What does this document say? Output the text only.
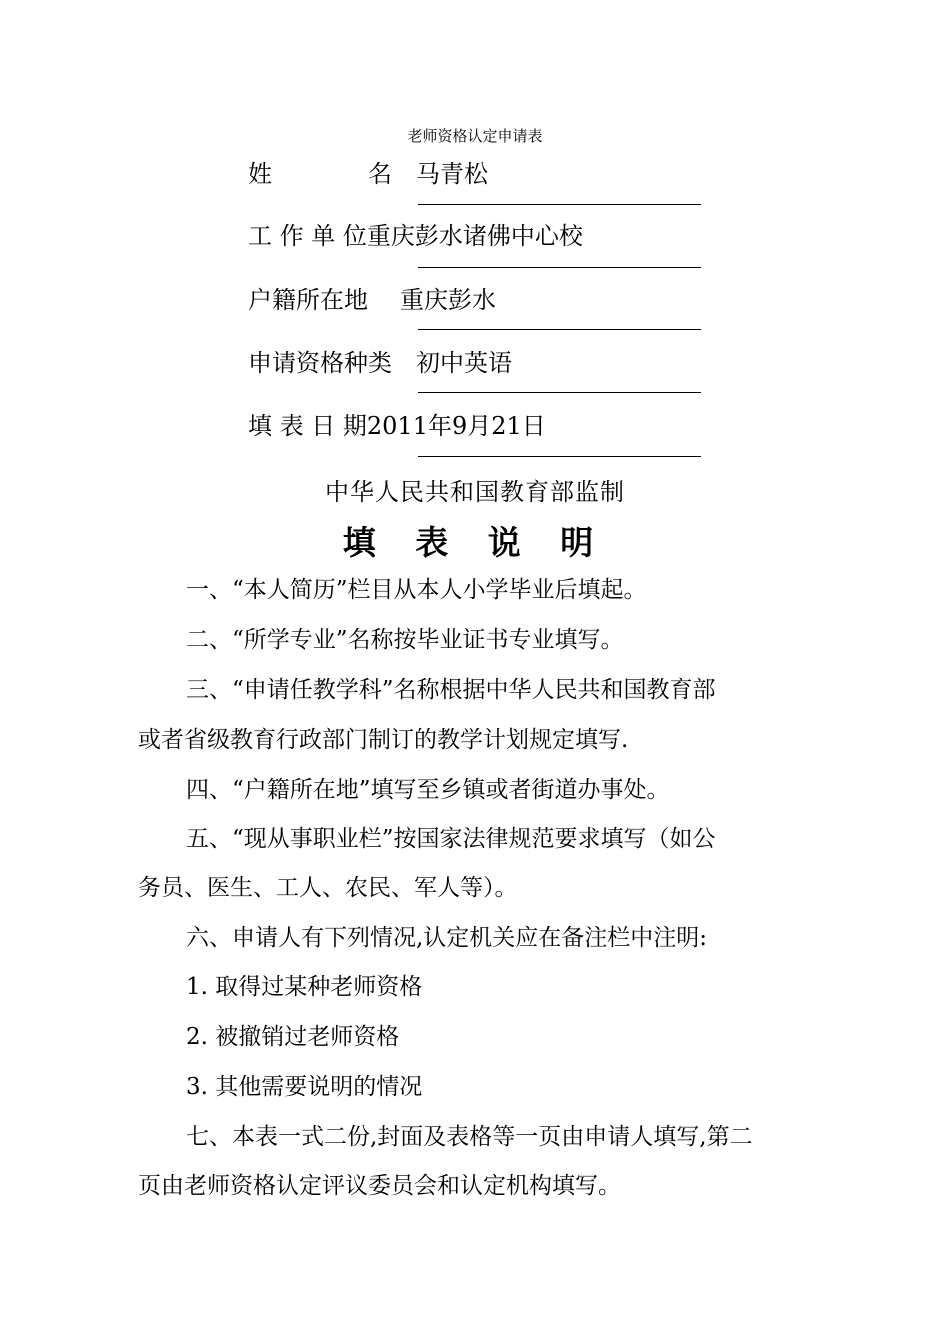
老师资格认定申请表
姓　　　名 马青松
工 作 单 位重庆彭水诸佛中心校
户籍所在地 重庆彭水
申请资格种类 初中英语
填 表 日 期2011年9月21日
中华人民共和国教育部监制
填 表 说 明
一、“本人简历”栏目从本人小学毕业后填起。
二、“所学专业”名称按毕业证书专业填写。
三、“申请任教学科”名称根据中华人民共和国教育部
或者省级教育行政部门制订的教学计划规定填写.
四、“户籍所在地”填写至乡镇或者街道办事处。
五、“现从事职业栏”按国家法律规范要求填写（如公
务员、医生、工人、农民、军人等）。
六、申请人有下列情况,认定机关应在备注栏中注明:
1. 取得过某种老师资格
2. 被撤销过老师资格
3. 其他需要说明的情况
七、本表一式二份,封面及表格等一页由申请人填写,第二
页由老师资格认定评议委员会和认定机构填写。
